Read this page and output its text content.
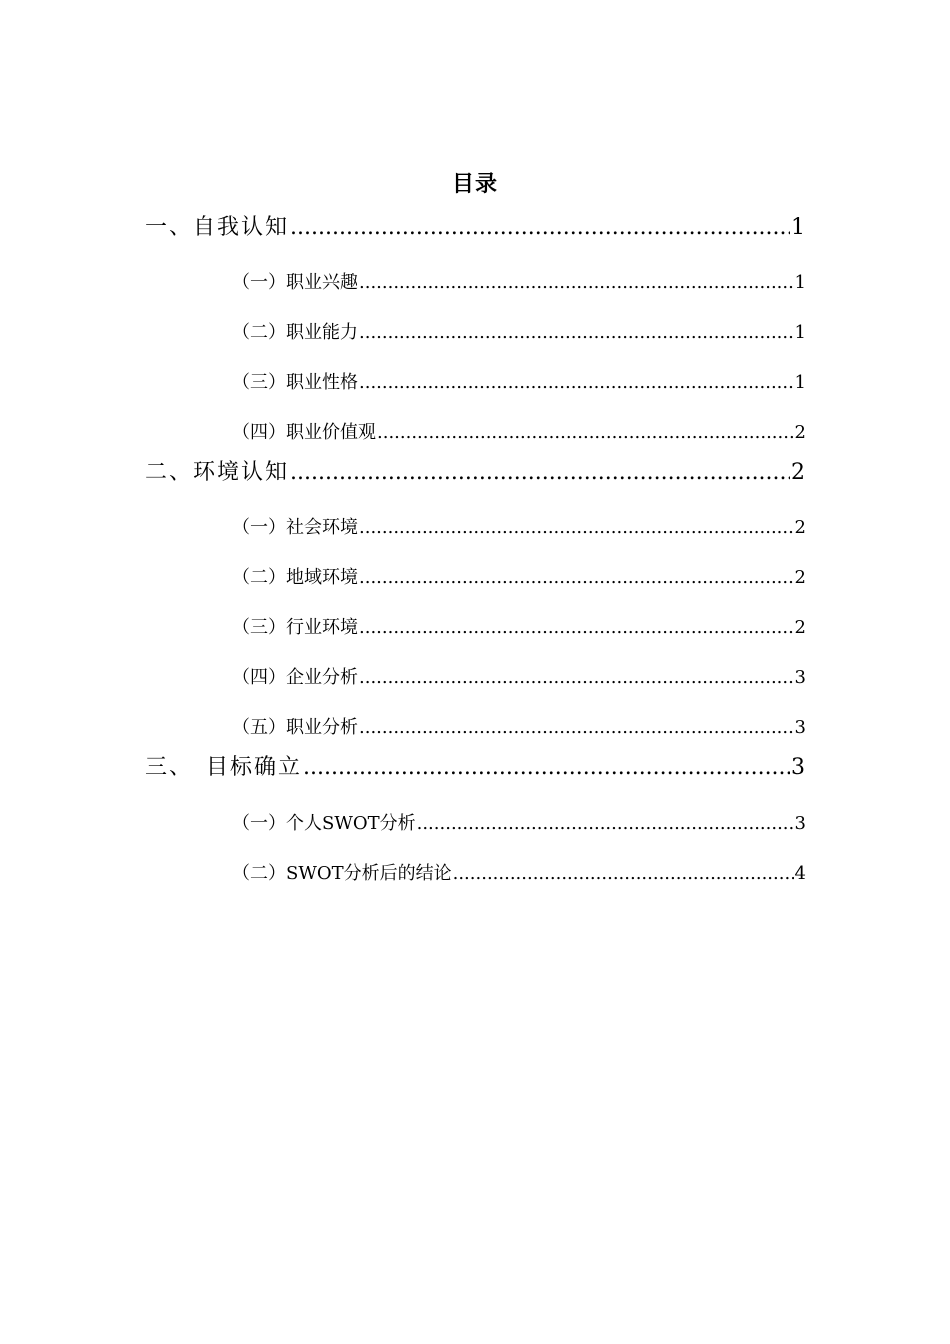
目录
一、自我认知 .....	1
（一）职业兴趣 .....	1
（二）职业能力 .....	1
（三）职业性格 .....	1
（四）职业价值观 .....	2
二、环境认知 .....	2
（一）社会环境 .....	2
（二）地域环境 .....	2
（三）行业环境 .....	2
（四）企业分析 .....	3
（五）职业分析 .....	3
三、　目标确立 .....	3
（一）个人SWOT分析 .....	3
（二）SWOT分析后的结论 .....	4
